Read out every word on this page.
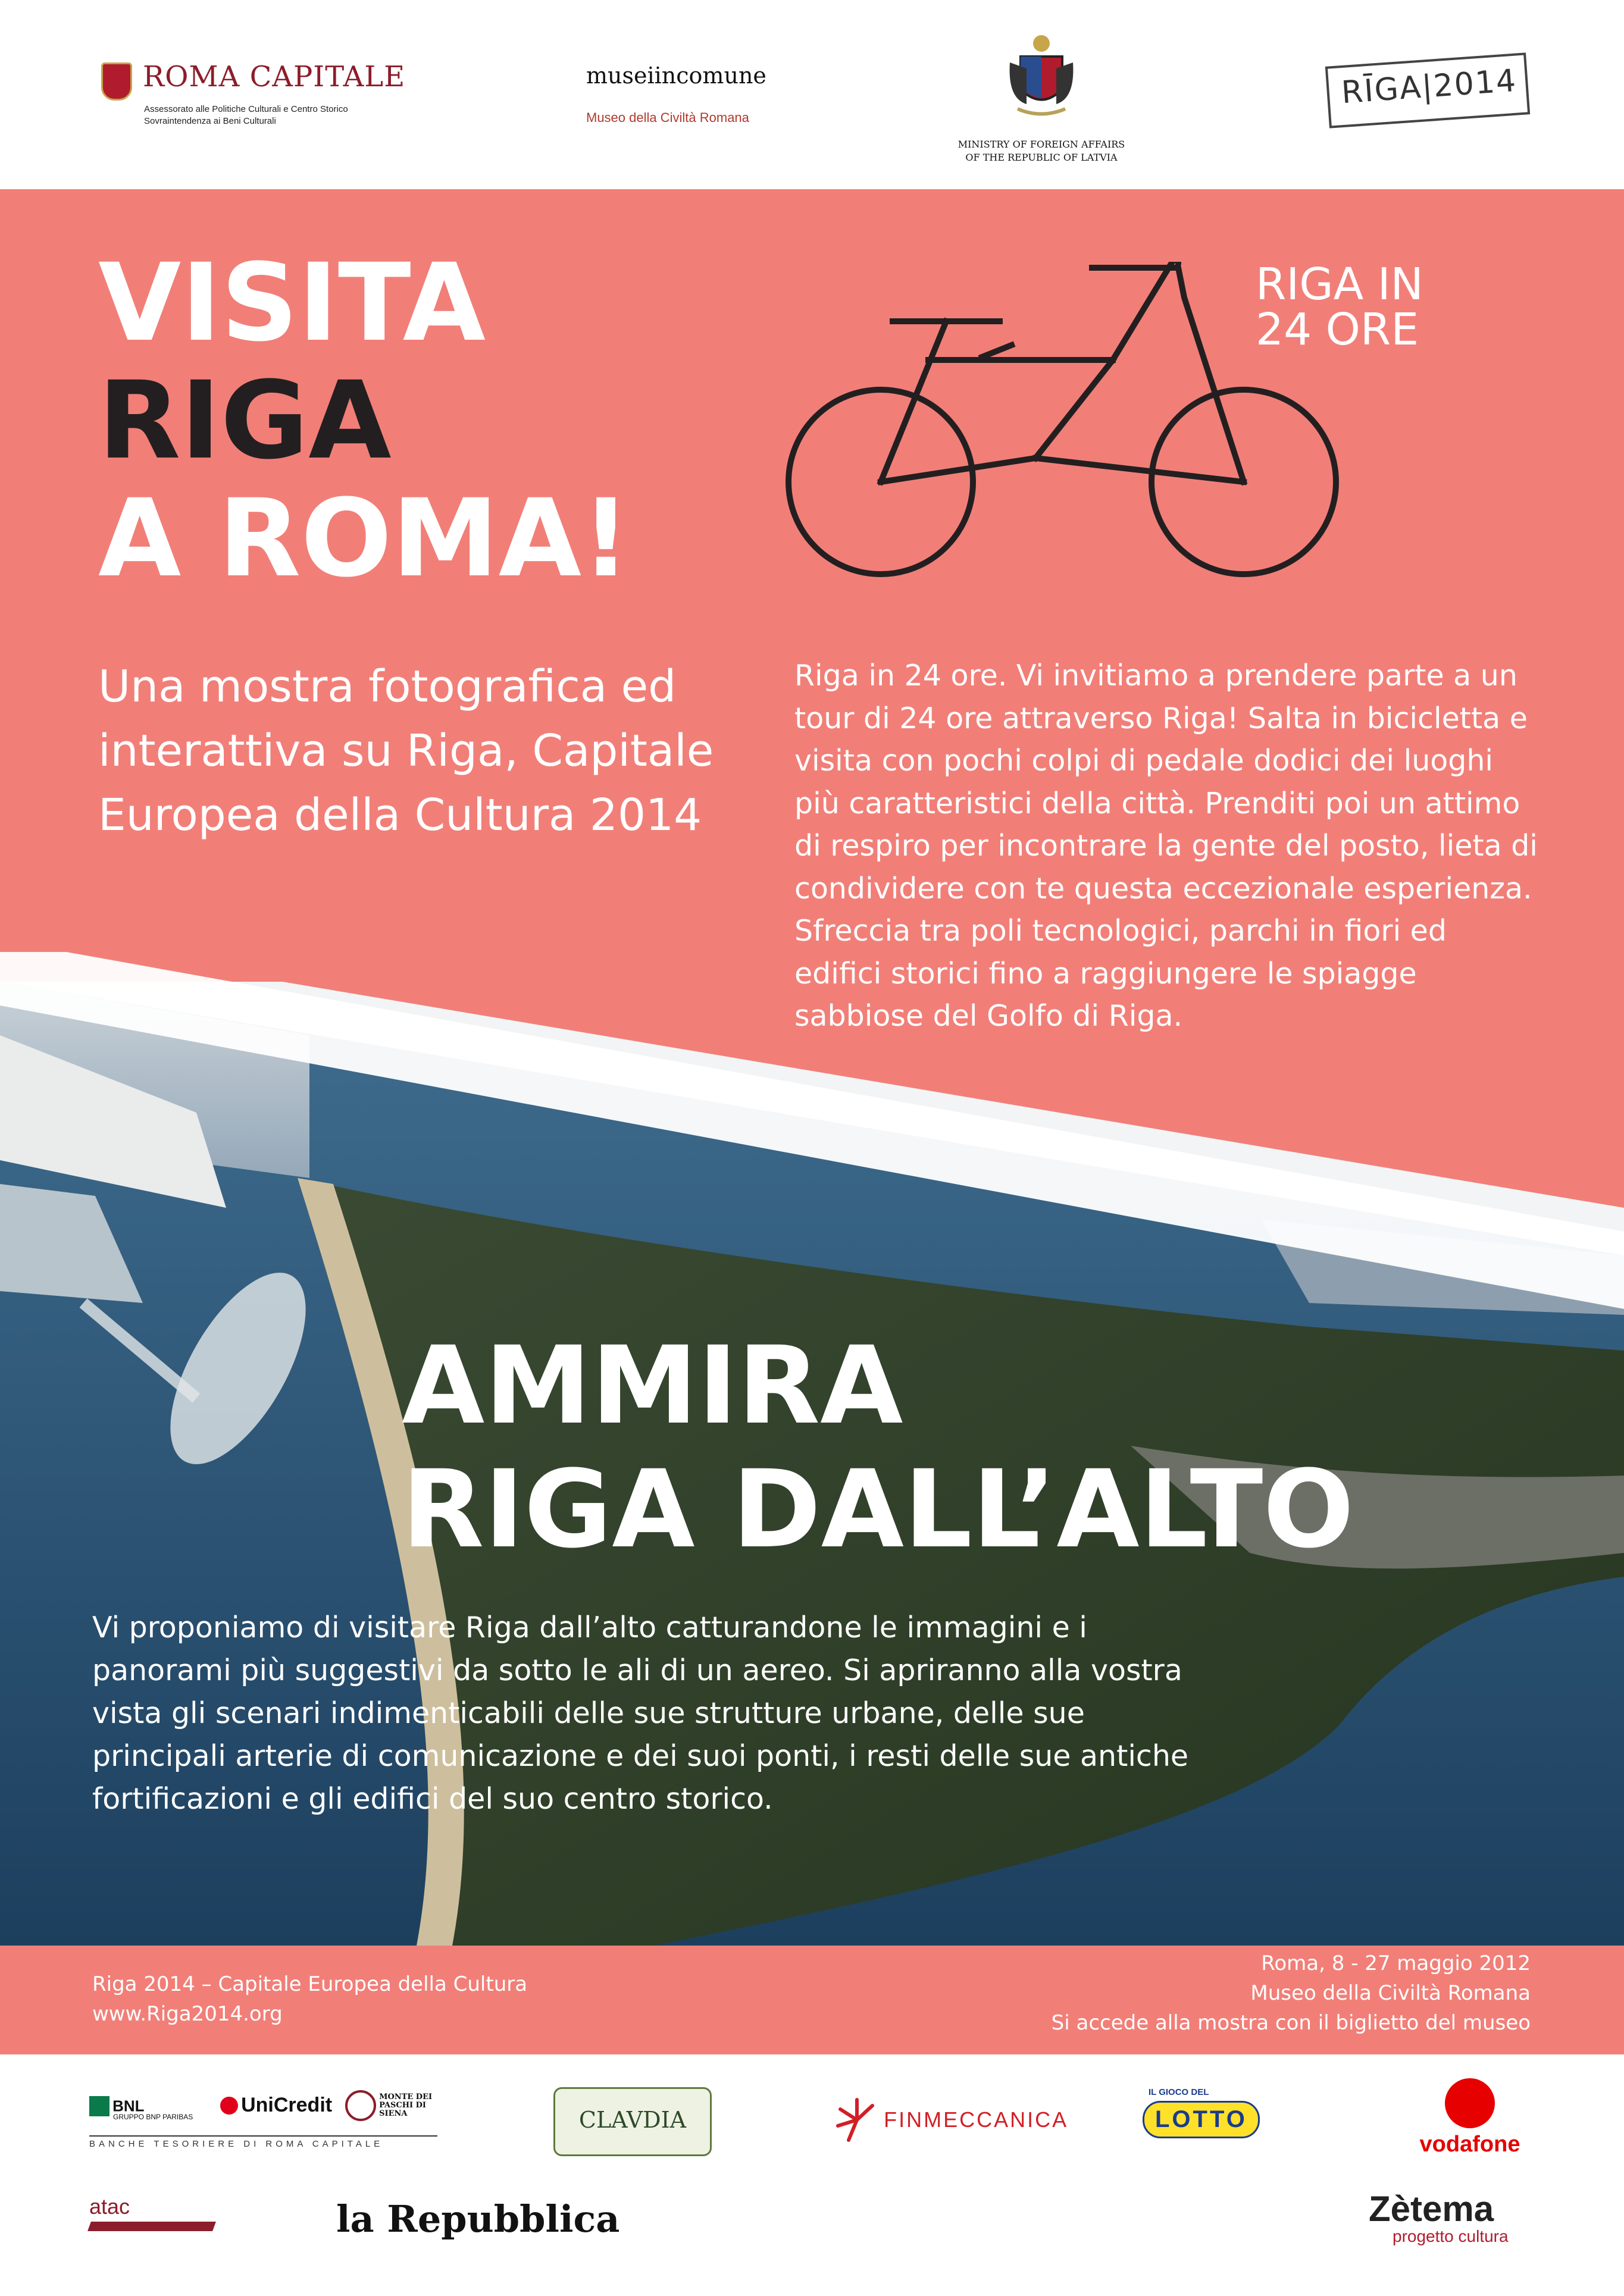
ROMA CAPITALE
Assessorato alle Politiche Culturali e Centro Storico
Sovraintendenza ai Beni Culturali
museiincomune
Museo della Civiltà Romana
MINISTRY OF FOREIGN AFFAIRS
OF THE REPUBLIC OF LATVIA
RĪGA|2014
VISITA
RIGA
A ROMA!
RIGA IN
24 ORE
Una mostra fotografica ed interattiva su Riga, Capitale Europea della Cultura 2014
Riga in 24 ore. Vi invitiamo a prendere parte a un tour di 24 ore attraverso Riga! Salta in bicicletta e visita con pochi colpi di pedale dodici dei luoghi più caratteristici della città. Prenditi poi un attimo di respiro per incontrare la gente del posto, lieta di condividere con te questa eccezionale esperienza. Sfreccia tra poli tecnologici, parchi in fiori ed edifici storici fino a raggiungere le spiagge sabbiose del Golfo di Riga.
AMMIRA
RIGA DALL’ALTO
Vi proponiamo di visitare Riga dall’alto catturandone le immagini e i panorami più suggestivi da sotto le ali di un aereo. Si apriranno alla vostra vista gli scenari indimenticabili delle sue strutture urbane, delle sue principali arterie di comunicazione e dei suoi ponti, i resti delle sue antiche fortificazioni e gli edifici del suo centro storico.
Riga 2014 – Capitale Europea della Cultura
www.Riga2014.org
Roma, 8 - 27 maggio 2012
Museo della Civiltà Romana
Si accede alla mostra con il biglietto del museo
BNL
GRUPPO BNP PARIBAS
UniCredit	MONTE DEI PASCHI DI SIENA
BANCHE TESORIERE DI ROMA CAPITALE
CLAVDIA	FINMECCANICA
IL GIOCO DEL
LOTTO
vodafone
atac	la Repubblica	Zètema
progetto cultura
